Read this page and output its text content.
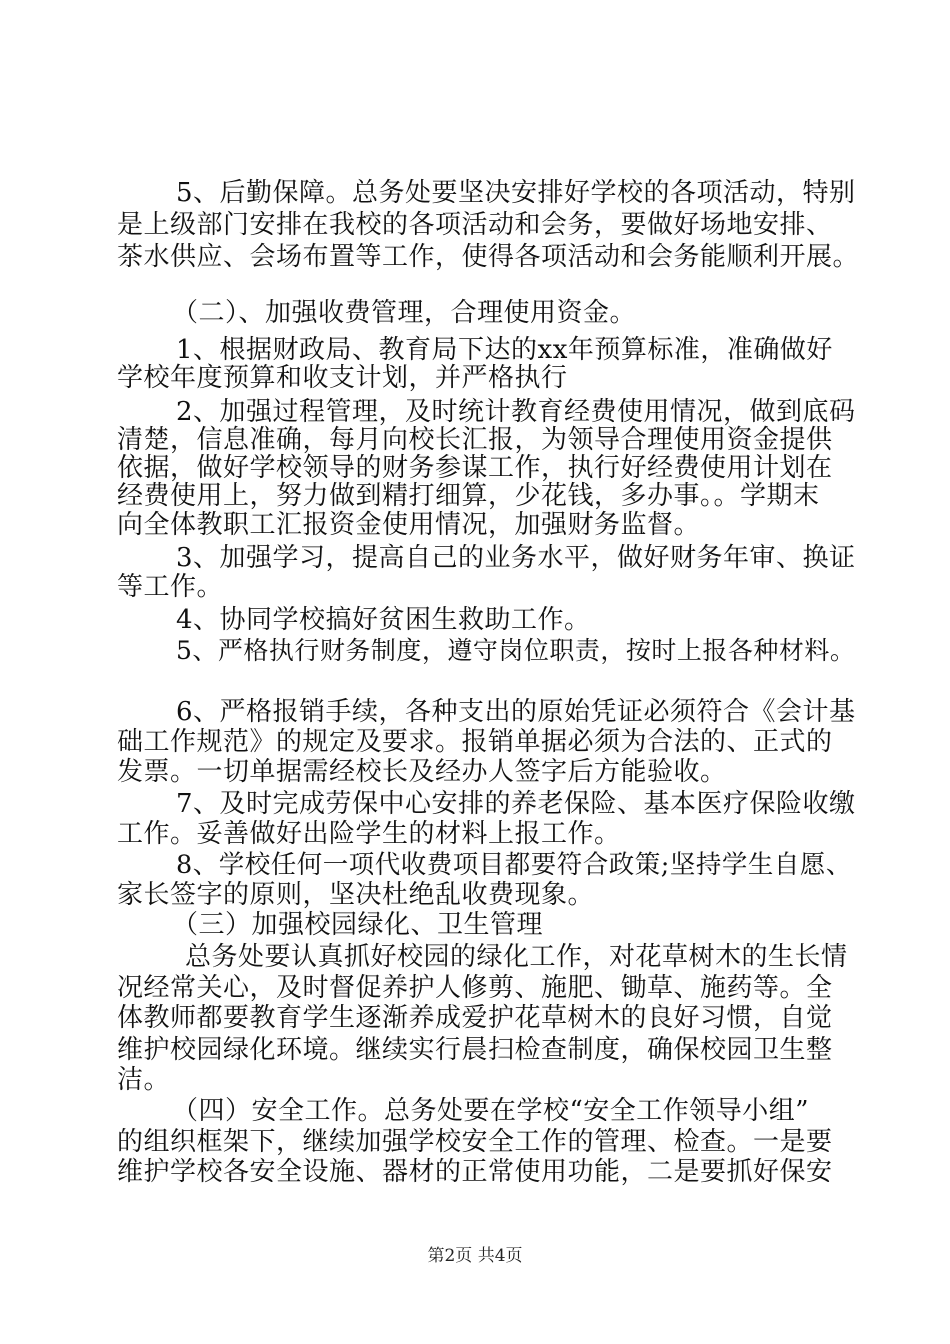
5、后勤保障。总务处要坚决安排好学校的各项活动，特别
是上级部门安排在我校的各项活动和会务，要做好场地安排、
茶水供应、会场布置等工作，使得各项活动和会务能顺利开展。
（二）、加强收费管理，合理使用资金。
1、根据财政局、教育局下达的xx年预算标准，准确做好
学校年度预算和收支计划，并严格执行
2、加强过程管理，及时统计教育经费使用情况，做到底码
清楚，信息准确，每月向校长汇报，为领导合理使用资金提供
依据，做好学校领导的财务参谋工作，执行好经费使用计划在
经费使用上，努力做到精打细算，少花钱，多办事。。学期末
向全体教职工汇报资金使用情况，加强财务监督。
3、加强学习，提高自己的业务水平，做好财务年审、换证
等工作。
4、协同学校搞好贫困生救助工作。
5、严格执行财务制度，遵守岗位职责，按时上报各种材料。
6、严格报销手续，各种支出的原始凭证必须符合《会计基
础工作规范》的规定及要求。报销单据必须为合法的、正式的
发票。一切单据需经校长及经办人签字后方能验收。
7、及时完成劳保中心安排的养老保险、基本医疗保险收缴
工作。妥善做好出险学生的材料上报工作。
8、学校任何一项代收费项目都要符合政策;坚持学生自愿、
家长签字的原则，坚决杜绝乱收费现象。
（三）加强校园绿化、卫生管理
总务处要认真抓好校园的绿化工作，对花草树木的生长情
况经常关心，及时督促养护人修剪、施肥、锄草、施药等。全
体教师都要教育学生逐渐养成爱护花草树木的良好习惯，自觉
维护校园绿化环境。继续实行晨扫检查制度，确保校园卫生整
洁。
（四）安全工作。总务处要在学校“安全工作领导小组”
的组织框架下，继续加强学校安全工作的管理、检查。一是要
维护学校各安全设施、器材的正常使用功能，二是要抓好保安
第2页 共4页
